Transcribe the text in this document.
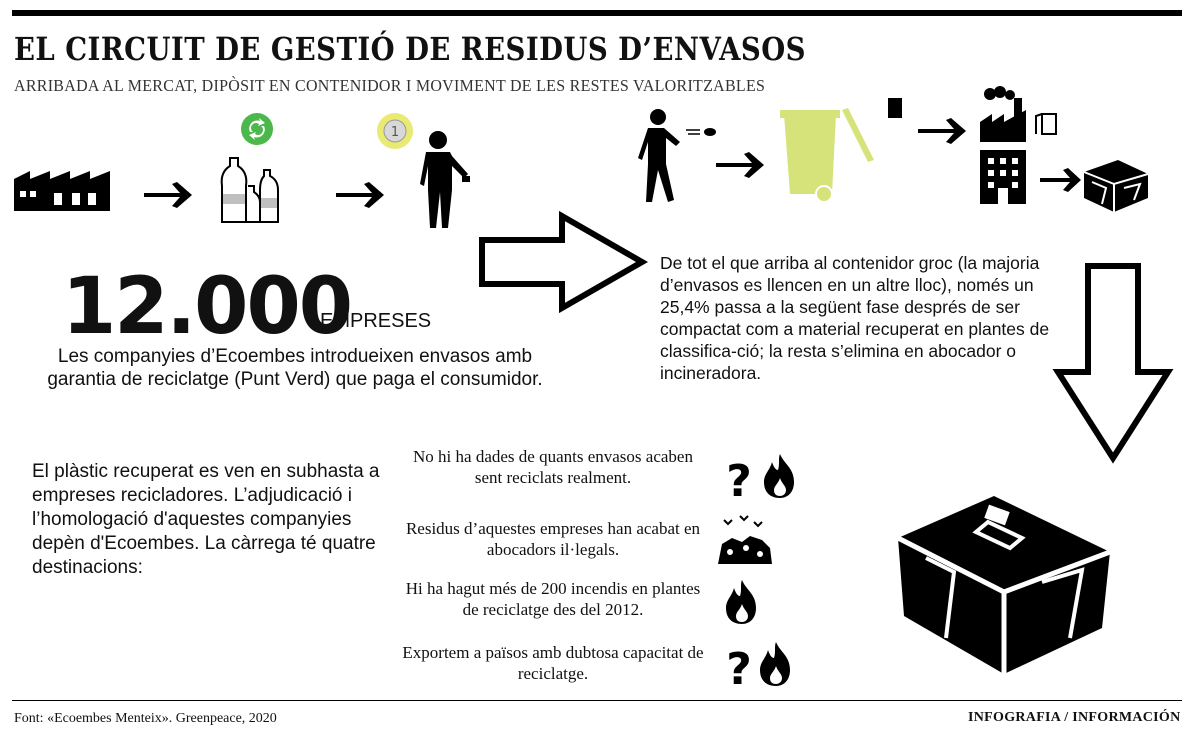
EL CIRCUIT DE GESTIÓ DE RESIDUS D’ENVASOS
ARRIBADA AL MERCAT, DIPÒSIT EN CONTENIDOR I MOVIMENT DE LES RESTES VALORITZABLES
1
12.000
EMPRESES
Les companyies d’Ecoembes introdueixen envasos amb garantia de reciclatge (Punt Verd) que paga el consumidor.
De tot el que arriba al contenidor groc (la majoria d’envasos es llencen en un altre lloc), només un 25,4% passa a la següent fase després de ser compactat com a material recuperat en plantes de classifica-ció; la resta s’elimina en abocador o incineradora.
El plàstic recuperat es ven en subhasta a empreses recicladores. L’adjudicació i l’homologació d'aquestes companyies depèn d'Ecoembes. La càrrega té quatre destinacions:
No hi ha dades de quants envasos acaben sent reciclats realment.
Residus d’aquestes empreses han acabat en abocadors il·legals.
Hi ha hagut més de 200 incendis en plantes de reciclatge des del 2012.
Exportem a països amb dubtosa capacitat de reciclatge.
?
?
Font: «Ecoembes Menteix». Greenpeace, 2020	INFOGRAFIA / INFORMACIÓN
